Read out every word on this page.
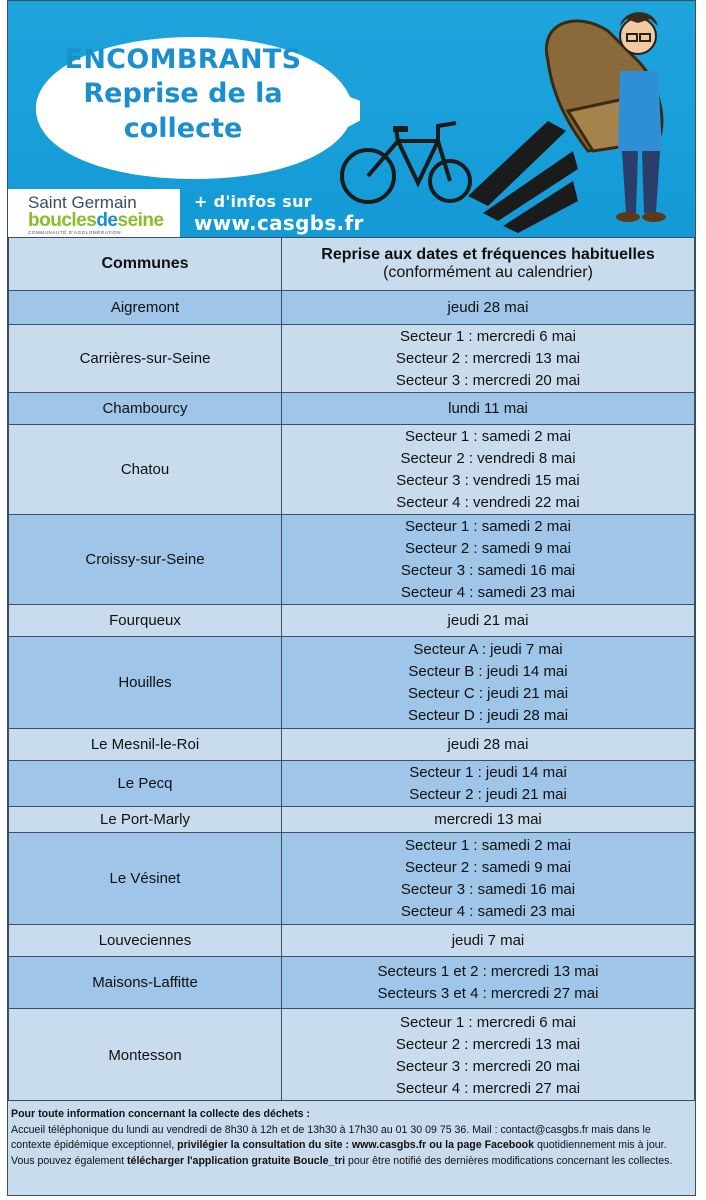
ENCOMBRANTS
Reprise de la
collecte
Saint Germain
bouclesdeseine
COMMUNAUTÉ D'AGGLOMÉRATION
+ d'infos sur
www.casgbs.fr
Communes	Reprise aux dates et fréquences habituelles
(conformément au calendrier)

Aigremont	jeudi 28 mai

Carrières-sur-Seine	Secteur 1 : mercredi 6 mai
Secteur 2 : mercredi 13 mai
Secteur 3 : mercredi 20 mai

Chambourcy	lundi 11 mai

Chatou	Secteur 1 : samedi 2 mai
Secteur 2 : vendredi 8 mai
Secteur 3 : vendredi 15 mai
Secteur 4 : vendredi 22 mai

Croissy-sur-Seine	Secteur 1 : samedi 2 mai
Secteur 2 : samedi 9 mai
Secteur 3 : samedi 16 mai
Secteur 4 : samedi 23 mai

Fourqueux	jeudi 21 mai

Houilles	Secteur A : jeudi 7 mai
Secteur B : jeudi 14 mai
Secteur C : jeudi 21 mai
Secteur D : jeudi 28 mai

Le Mesnil-le-Roi	jeudi 28 mai

Le Pecq	Secteur 1 : jeudi 14 mai
Secteur 2 : jeudi 21 mai

Le Port-Marly	mercredi 13 mai

Le Vésinet	Secteur 1 : samedi 2 mai
Secteur 2 : samedi 9 mai
Secteur 3 : samedi 16 mai
Secteur 4 : samedi 23 mai

Louveciennes	jeudi 7 mai

Maisons-Laffitte	Secteurs 1 et 2 : mercredi 13 mai
Secteurs 3 et 4 : mercredi 27 mai

Montesson	Secteur 1 : mercredi 6 mai
Secteur 2 : mercredi 13 mai
Secteur 3 : mercredi 20 mai
Secteur 4 : mercredi 27 mai
Pour toute information concernant la collecte des déchets :
Accueil téléphonique du lundi au vendredi de 8h30 à 12h et de 13h30 à 17h30 au 01 30 09 75 36. Mail : contact@casgbs.fr mais dans le contexte épidémique exceptionnel, privilégier la consultation du site : www.casgbs.fr ou la page Facebook quotidiennement mis à jour. Vous pouvez également télécharger l'application gratuite Boucle_tri pour être notifié des dernières modifications concernant les collectes.
